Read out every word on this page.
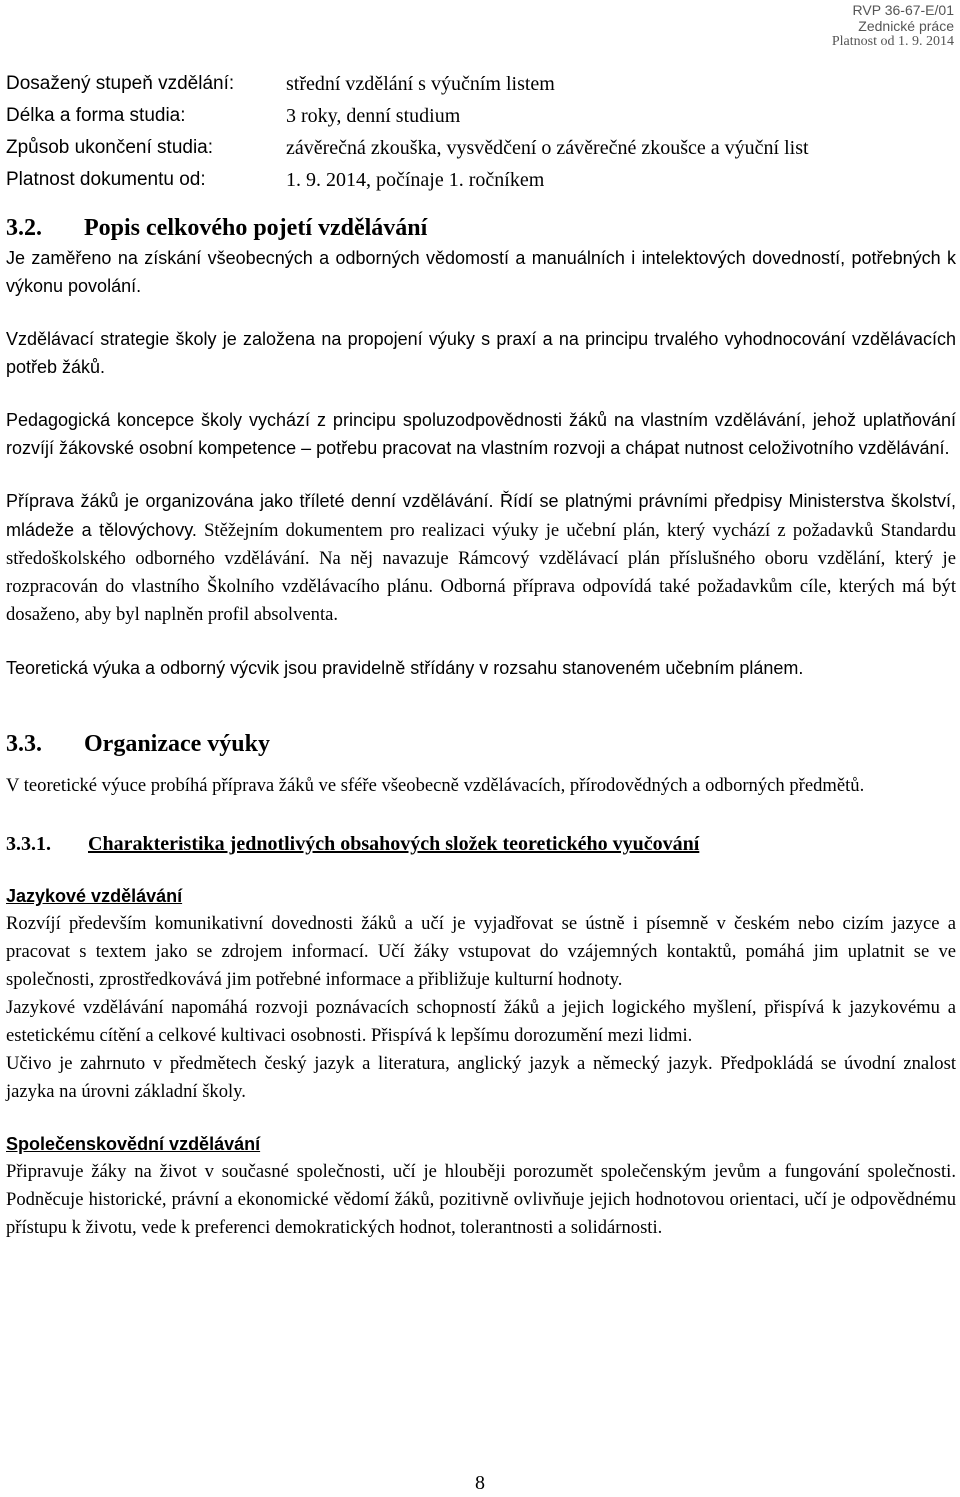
RVP 36-67-E/01
Zednické práce
Platnost od 1. 9. 2014
Dosažený stupeň vzdělání:	střední vzdělání s výučním listem
Délka a forma studia:	3 roky, denní studium
Způsob ukončení studia:	závěrečná zkouška, vysvědčení o závěrečné zkoušce a výuční list
Platnost dokumentu od:	1. 9. 2014, počínaje 1. ročníkem
3.2. Popis celkového pojetí vzdělávání

Je zaměřeno na získání všeobecných a odborných vědomostí a manuálních i intelektových dovedností, potřebných k výkonu povolání.

Vzdělávací strategie školy je založena na propojení výuky s praxí a na principu trvalého vyhodnocování vzdělávacích potřeb žáků.

Pedagogická koncepce školy vychází z principu spoluzodpovědnosti žáků na vlastním vzdělávání, jehož uplatňování rozvíjí žákovské osobní kompetence – potřebu pracovat na vlastním rozvoji a chápat nutnost celoživotního vzdělávání.

Příprava žáků je organizována jako tříleté denní vzdělávání. Řídí se platnými právními předpisy Ministerstva školství, mládeže a tělovýchovy. Stěžejním dokumentem pro realizaci výuky je učební plán, který vychází z požadavků Standardu středoškolského odborného vzdělávání. Na něj navazuje Rámcový vzdělávací plán příslušného oboru vzdělání, který je rozpracován do vlastního Školního vzdělávacího plánu. Odborná příprava odpovídá také požadavkům cíle, kterých má být dosaženo, aby byl naplněn profil absolventa.

Teoretická výuka a odborný výcvik jsou pravidelně střídány v rozsahu stanoveném učebním plánem.

3.3. Organizace výuky

V teoretické výuce probíhá příprava žáků ve sféře všeobecně vzdělávacích, přírodovědných a odborných předmětů.

3.3.1. Charakteristika jednotlivých obsahových složek teoretického vyučování
Jazykové vzdělávání

Rozvíjí především komunikativní dovednosti žáků a učí je vyjadřovat se ústně i písemně v českém nebo cizím jazyce a pracovat s textem jako se zdrojem informací. Učí žáky vstupovat do vzájemných kontaktů, pomáhá jim uplatnit se ve společnosti, zprostředkovává jim potřebné informace a přibližuje kulturní hodnoty.

Jazykové vzdělávání napomáhá rozvoji poznávacích schopností žáků a jejich logického myšlení, přispívá k jazykovému a estetickému cítění a celkové kultivaci osobnosti. Přispívá k lepšímu dorozumění mezi lidmi.

Učivo je zahrnuto v předmětech český jazyk a literatura, anglický jazyk a německý jazyk. Předpokládá se úvodní znalost jazyka na úrovni základní školy.

Společenskovědní vzdělávání

Připravuje žáky na život v současné společnosti, učí je hlouběji porozumět společenským jevům a fungování společnosti. Podněcuje historické, právní a ekonomické vědomí žáků, pozitivně ovlivňuje jejich hodnotovou orientaci, učí je odpovědnému přístupu k životu, vede k preferenci demokratických hodnot, tolerantnosti a solidárnosti.

8
